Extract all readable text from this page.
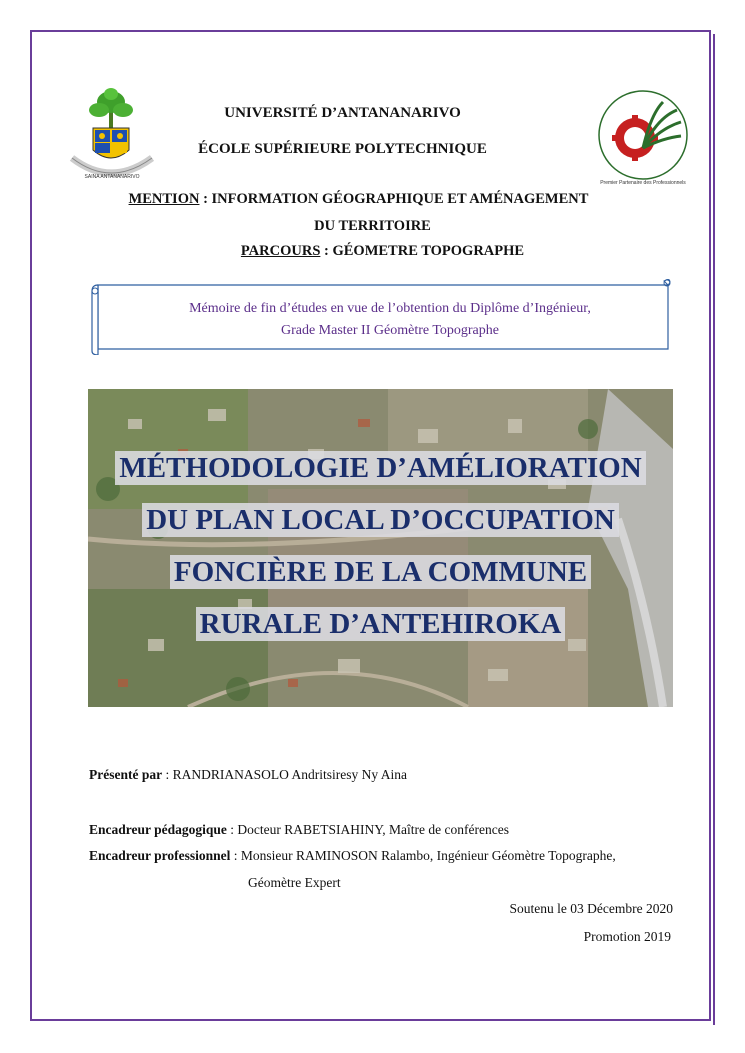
SAINA ANTANANARIVO
Premier Partenaire des Professionnels
UNIVERSITÉ D’ANTANANARIVO
ÉCOLE SUPÉRIEURE POLYTECHNIQUE
MENTION : INFORMATION GÉOGRAPHIQUE ET AMÉNAGEMENT
DU TERRITOIRE
PARCOURS : GÉOMETRE TOPOGRAPHE
Mémoire de fin d’études en vue de l’obtention du Diplôme d’Ingénieur,
Grade Master II Géomètre Topographe
MÉTHODOLOGIE D’AMÉLIORATION
DU PLAN LOCAL D’OCCUPATION
FONCIÈRE DE LA COMMUNE
RURALE D’ANTEHIROKA
Présenté par : RANDRIANASOLO Andritsiresy Ny Aina
Encadreur pédagogique : Docteur RABETSIAHINY, Maître de conférences
Encadreur professionnel : Monsieur RAMINOSON Ralambo, Ingénieur Géomètre Topographe,
Géomètre Expert
Soutenu le 03 Décembre 2020
Promotion 2019
